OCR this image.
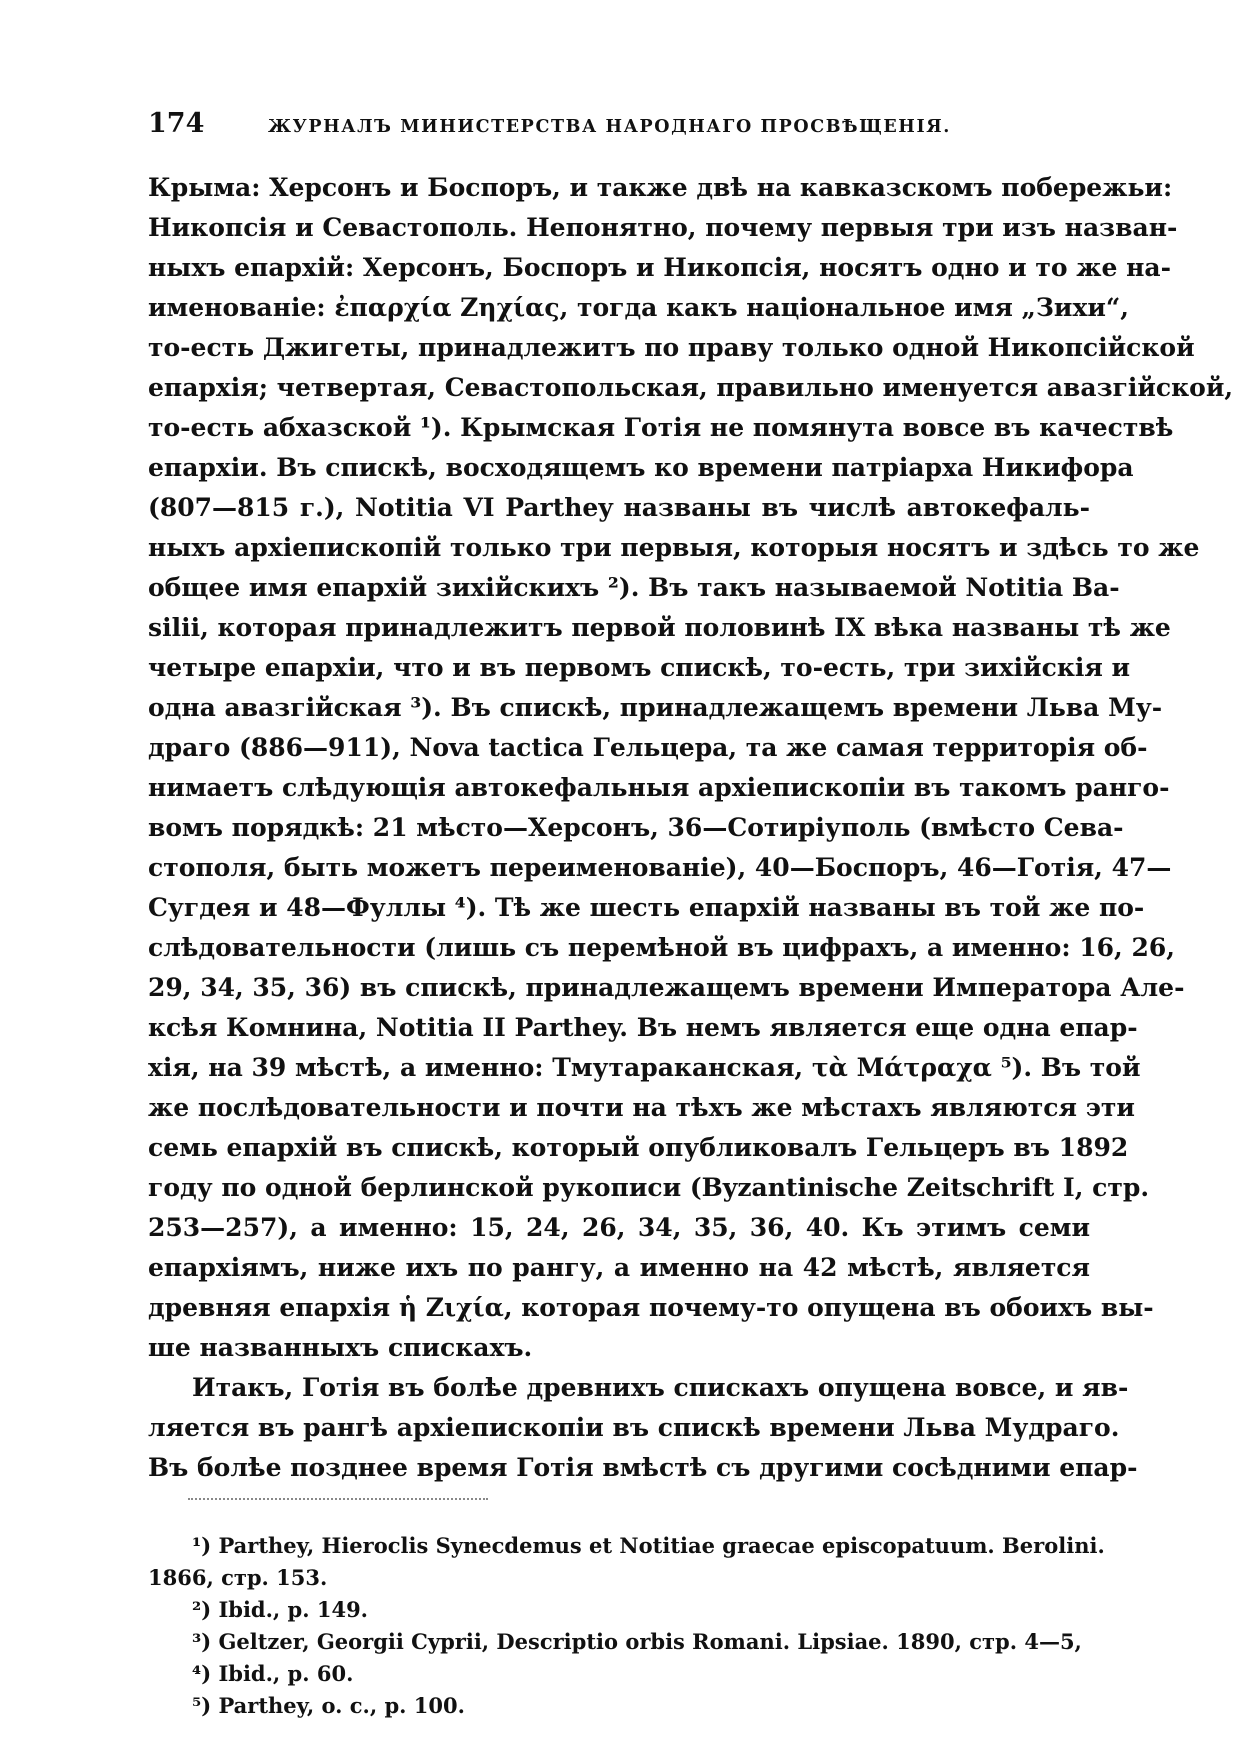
174	ЖУРНАЛЪ МИНИСТЕРСТВА НАРОДНАГО ПРОСВѢЩЕНІЯ.
Крыма: Херсонъ и Боспоръ, и также двѣ на кавказскомъ побережьи:
Никопсія и Севастополь. Непонятно, почему первыя три изъ назван-
ныхъ епархій: Херсонъ, Боспоръ и Никопсія, носятъ одно и то же на-
именованіе: ἐπαρχία Ζηχίας, тогда какъ національное имя „Зихи“,
то-есть Джигеты, принадлежитъ по праву только одной Никопсійской
епархія; четвертая, Севастопольская, правильно именуется авазгійской,
то-есть абхазской ¹). Крымская Готія не помянута вовсе въ качествѣ
епархіи. Въ спискѣ, восходящемъ ко времени патріарха Никифора
(807—815 г.), Notitia VI Parthey названы въ числѣ автокефаль-
ныхъ архіепископій только три первыя, которыя носятъ и здѣсь то же
общее имя епархій зихійскихъ ²). Въ такъ называемой Notitia Ba-
silii, которая принадлежитъ первой половинѣ IX вѣка названы тѣ же
четыре епархіи, что и въ первомъ спискѣ, то-есть, три зихійскія и
одна авазгійская ³). Въ спискѣ, принадлежащемъ времени Льва Му-
драго (886—911), Nova tactica Гельцера, та же самая территорія об-
нимаетъ слѣдующія автокефальныя архіепископіи въ такомъ ранго-
вомъ порядкѣ: 21 мѣсто—Херсонъ, 36—Сотиріуполь (вмѣсто Сева-
стополя, быть можетъ переименованіе), 40—Боспоръ, 46—Готія, 47—
Сугдея и 48—Фуллы ⁴). Тѣ же шесть епархій названы въ той же по-
слѣдовательности (лишь съ перемѣной въ цифрахъ, а именно: 16, 26,
29, 34, 35, 36) въ спискѣ, принадлежащемъ времени Императора Але-
ксѣя Комнина, Notitia II Parthey. Въ немъ является еще одна епар-
хія, на 39 мѣстѣ, а именно: Тмутараканская, τὰ Μάτραχα ⁵). Въ той
же послѣдовательности и почти на тѣхъ же мѣстахъ являются эти
семь епархій въ спискѣ, который опубликовалъ Гельцеръ въ 1892
году по одной берлинской рукописи (Byzantinische Zeitschrift I, стр.
253—257), а именно: 15, 24, 26, 34, 35, 36, 40. Къ этимъ семи
епархіямъ, ниже ихъ по рангу, а именно на 42 мѣстѣ, является
древняя епархія ἡ Ζιχία, которая почему-то опущена въ обоихъ вы-
ше названныхъ спискахъ.
Итакъ, Готія въ болѣе древнихъ спискахъ опущена вовсе, и яв-
ляется въ рангѣ архіепископіи въ спискѣ времени Льва Мудраго.
Въ болѣе позднее время Готія вмѣстѣ съ другими сосѣдними епар-
¹) Parthey, Hieroclis Synecdemus et Notitiae graecae episcopatuum. Berolini.
1866, стр. 153.
²) Ibid., p. 149.
³) Geltzer, Georgii Cyprii, Descriptio orbis Romani. Lipsiae. 1890, стр. 4—5,
⁴) Ibid., p. 60.
⁵) Parthey, o. c., p. 100.
